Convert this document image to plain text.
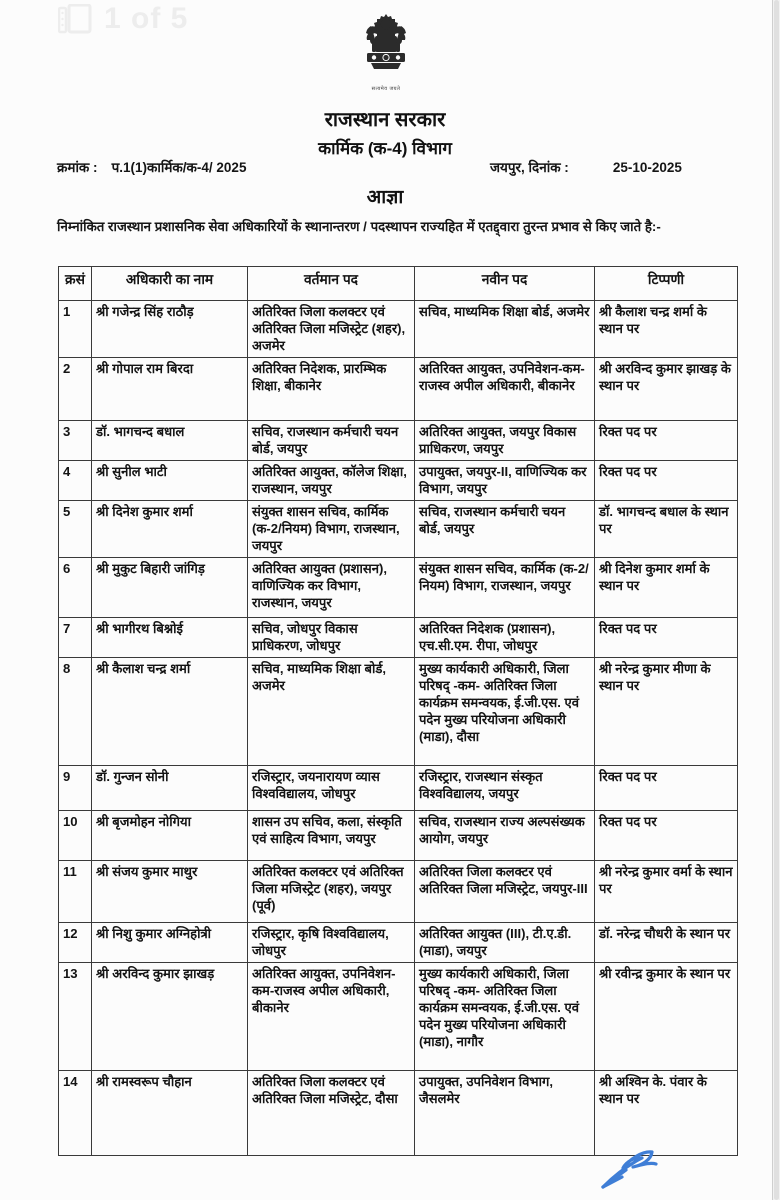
1 of 5
सत्यमेव जयते
राजस्थान सरकार
कार्मिक (क-4) विभाग
क्रमांक : प.1(1)कार्मिक/क-4/ 2025	जयपुर, दिनांक :	25-10-2025
आज्ञा
निम्नांकित राजस्थान प्रशासनिक सेवा अधिकारियों के स्थानान्तरण / पदस्थापन राज्यहित में एतद्द्वारा तुरन्त प्रभाव से किए जाते है:-
क्रसं	अधिकारी का नाम	वर्तमान पद	नवीन पद	टिप्पणी
1	श्री गजेन्द्र सिंह राठौड़	अतिरिक्त जिला कलक्टर एवं अतिरिक्त जिला मजिस्ट्रेट (शहर), अजमेर	सचिव, माध्यमिक शिक्षा बोर्ड, अजमेर	श्री कैलाश चन्द्र शर्मा के स्थान पर
2	श्री गोपाल राम बिरदा	अतिरिक्त निदेशक, प्रारम्भिक शिक्षा, बीकानेर	अतिरिक्त आयुक्त, उपनिवेशन-कम-राजस्व अपील अधिकारी, बीकानेर	श्री अरविन्द कुमार झाखड़ के स्थान पर
3	डॉ. भागचन्द बधाल	सचिव, राजस्थान कर्मचारी चयन बोर्ड, जयपुर	अतिरिक्त आयुक्त, जयपुर विकास प्राधिकरण, जयपुर	रिक्त पद पर
4	श्री सुनील भाटी	अतिरिक्त आयुक्त, कॉलेज शिक्षा, राजस्थान, जयपुर	उपायुक्त, जयपुर-II, वाणिज्यिक कर विभाग, जयपुर	रिक्त पद पर
5	श्री दिनेश कुमार शर्मा	संयुक्त शासन सचिव, कार्मिक (क-2/नियम) विभाग, राजस्थान, जयपुर	सचिव, राजस्थान कर्मचारी चयन बोर्ड, जयपुर	डॉ. भागचन्द बधाल के स्थान पर
6	श्री मुकुट बिहारी जांगिड़	अतिरिक्त आयुक्त (प्रशासन), वाणिज्यिक कर विभाग, राजस्थान, जयपुर	संयुक्त शासन सचिव, कार्मिक (क-2/नियम) विभाग, राजस्थान, जयपुर	श्री दिनेश कुमार शर्मा के स्थान पर
7	श्री भागीरथ बिश्नोई	सचिव, जोधपुर विकास प्राधिकरण, जोधपुर	अतिरिक्त निदेशक (प्रशासन), एच.सी.एम. रीपा, जोधपुर	रिक्त पद पर
8	श्री कैलाश चन्द्र शर्मा	सचिव, माध्यमिक शिक्षा बोर्ड, अजमेर	मुख्य कार्यकारी अधिकारी, जिला परिषद् -कम- अतिरिक्त जिला कार्यक्रम समन्वयक, ई.जी.एस. एवं पदेन मुख्य परियोजना अधिकारी (माडा), दौसा	श्री नरेन्द्र कुमार मीणा के स्थान पर
9	डॉ. गुन्जन सोनी	रजिस्ट्रार, जयनारायण व्यास विश्वविद्यालय, जोधपुर	रजिस्ट्रार, राजस्थान संस्कृत विश्वविद्यालय, जयपुर	रिक्त पद पर
10	श्री बृजमोहन नोगिया	शासन उप सचिव, कला, संस्कृति एवं साहित्य विभाग, जयपुर	सचिव, राजस्थान राज्य अल्पसंख्यक आयोग, जयपुर	रिक्त पद पर
11	श्री संजय कुमार माथुर	अतिरिक्त कलक्टर एवं अतिरिक्त जिला मजिस्ट्रेट (शहर), जयपुर (पूर्व)	अतिरिक्त जिला कलक्टर एवं अतिरिक्त जिला मजिस्ट्रेट, जयपुर-III	श्री नरेन्द्र कुमार वर्मा के स्थान पर
12	श्री निशु कुमार अग्निहोत्री	रजिस्ट्रार, कृषि विश्वविद्यालय, जोधपुर	अतिरिक्त आयुक्त (III), टी.ए.डी. (माडा), जयपुर	डॉ. नरेन्द्र चौधरी के स्थान पर
13	श्री अरविन्द कुमार झाखड़	अतिरिक्त आयुक्त, उपनिवेशन-कम-राजस्व अपील अधिकारी, बीकानेर	मुख्य कार्यकारी अधिकारी, जिला परिषद् -कम- अतिरिक्त जिला कार्यक्रम समन्वयक, ई.जी.एस. एवं पदेन मुख्य परियोजना अधिकारी (माडा), नागौर	श्री रवीन्द्र कुमार के स्थान पर
14	श्री रामस्वरूप चौहान	अतिरिक्त जिला कलक्टर एवं अतिरिक्त जिला मजिस्ट्रेट, दौसा	उपायुक्त, उपनिवेशन विभाग, जैसलमेर	श्री अश्विन के. पंवार के स्थान पर
